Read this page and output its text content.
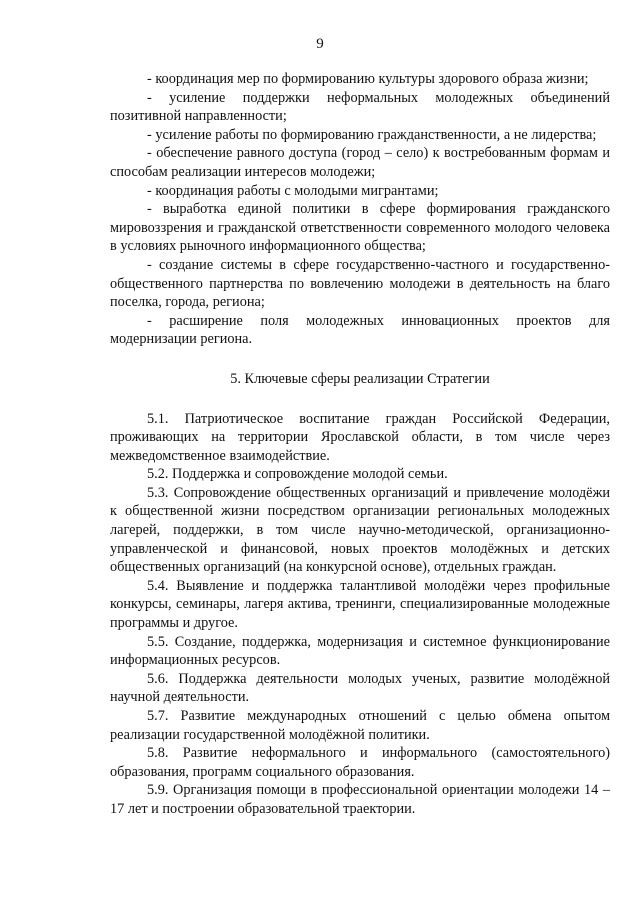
9

- координация мер по формированию культуры здорового образа жизни;

- усиление поддержки неформальных молодежных объединений позитивной направленности;

- усиление работы по формированию гражданственности, а не лидерства;

- обеспечение равного доступа (город – село) к востребованным формам и способам реализации интересов молодежи;

- координация работы с молодыми мигрантами;

- выработка единой политики в сфере формирования гражданского мировоззрения и гражданской ответственности современного молодого человека в условиях рыночного информационного общества;

- создание системы в сфере государственно-частного и государственно-общественного партнерства по вовлечению молодежи в деятельность на благо поселка, города, региона;

- расширение поля молодежных инновационных проектов для модернизации региона.

5. Ключевые сферы реализации Стратегии

5.1. Патриотическое воспитание граждан Российской Федерации, проживающих на территории Ярославской области, в том числе через межведомственное взаимодействие.

5.2. Поддержка и сопровождение молодой семьи.

5.3. Сопровождение общественных организаций и привлечение молодёжи к общественной жизни посредством организации региональных молодежных лагерей, поддержки, в том числе научно-методической, организационно-управленческой и финансовой, новых проектов молодёжных и детских общественных организаций (на конкурсной основе), отдельных граждан.

5.4. Выявление и поддержка талантливой молодёжи через профильные конкурсы, семинары, лагеря актива, тренинги, специализированные молодежные программы и другое.

5.5. Создание, поддержка, модернизация и системное функционирование информационных ресурсов.

5.6. Поддержка деятельности молодых ученых, развитие молодёжной научной деятельности.

5.7. Развитие международных отношений с целью обмена опытом реализации государственной молодёжной политики.

5.8. Развитие неформального и информального (самостоятельного) образования, программ социального образования.

5.9. Организация помощи в профессиональной ориентации молодежи 14 – 17 лет и построении образовательной траектории.
